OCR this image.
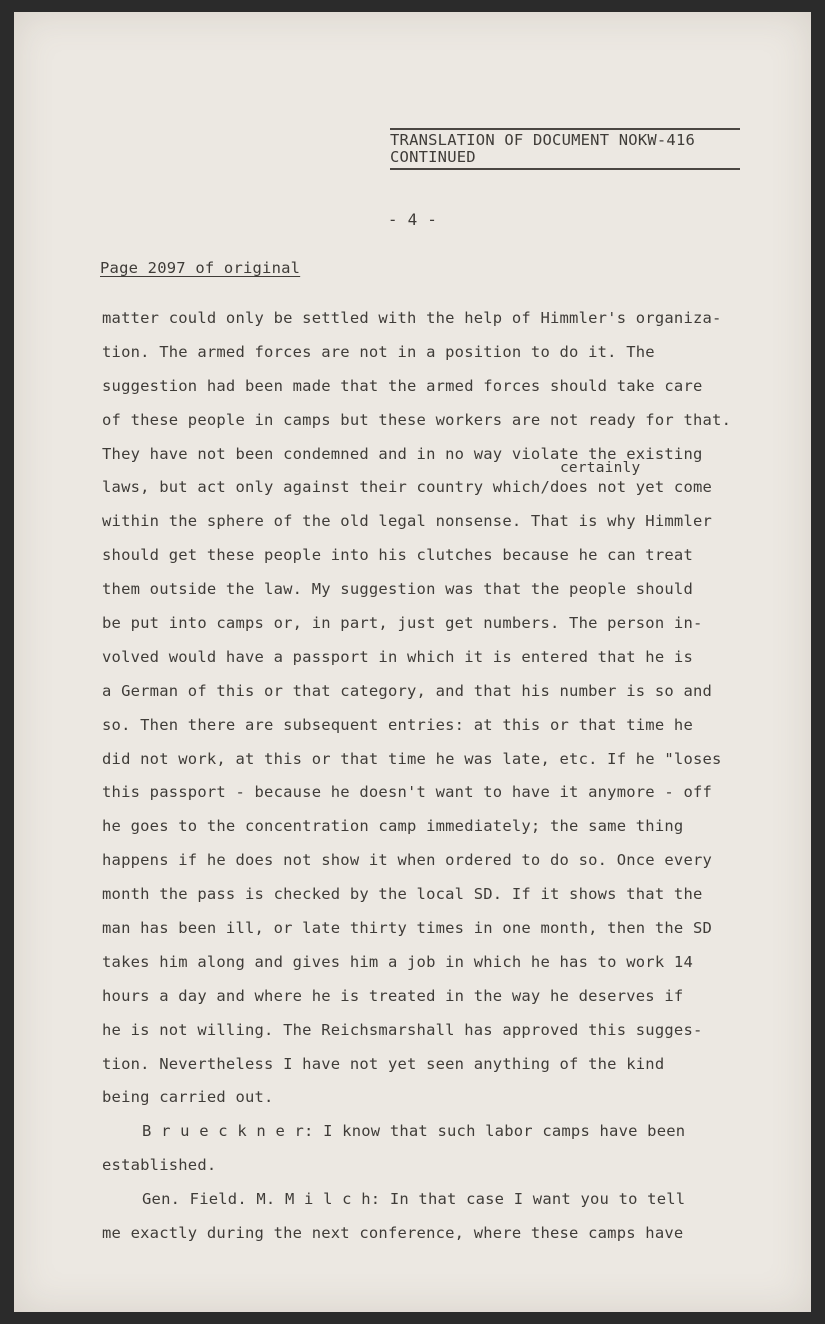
TRANSLATION OF DOCUMENT NOKW-416
CONTINUED
- 4 -
Page 2097 of original
certainly
matter could only be settled with the help of Himmler's organiza-
tion. The armed forces are not in a position to do it. The
suggestion had been made that the armed forces should take care
of these people in camps but these workers are not ready for that.
They have not been condemned and in no way violate the existing
laws, but act only against their country which/does not yet come
within the sphere of the old legal nonsense. That is why Himmler
should get these people into his clutches because he can treat
them outside the law. My suggestion was that the people should
be put into camps or, in part, just get numbers. The person in-
volved would have a passport in which it is entered that he is
a German of this or that category, and that his number is so and
so. Then there are subsequent entries: at this or that time he
did not work, at this or that time he was late, etc. If he "loses
this passport - because he doesn't want to have it anymore - off
he goes to the concentration camp immediately; the same thing
happens if he does not show it when ordered to do so. Once every
month the pass is checked by the local SD. If it shows that the
man has been ill, or late thirty times in one month, then the SD
takes him along and gives him a job in which he has to work 14
hours a day and where he is treated in the way he deserves if
he is not willing. The Reichsmarshall has approved this sugges-
tion. Nevertheless I have not yet seen anything of the kind
being carried out.
B r u e c k n e r: I know that such labor camps have been
established.
Gen. Field. M. M i l c h: In that case I want you to tell
me exactly during the next conference, where these camps have
